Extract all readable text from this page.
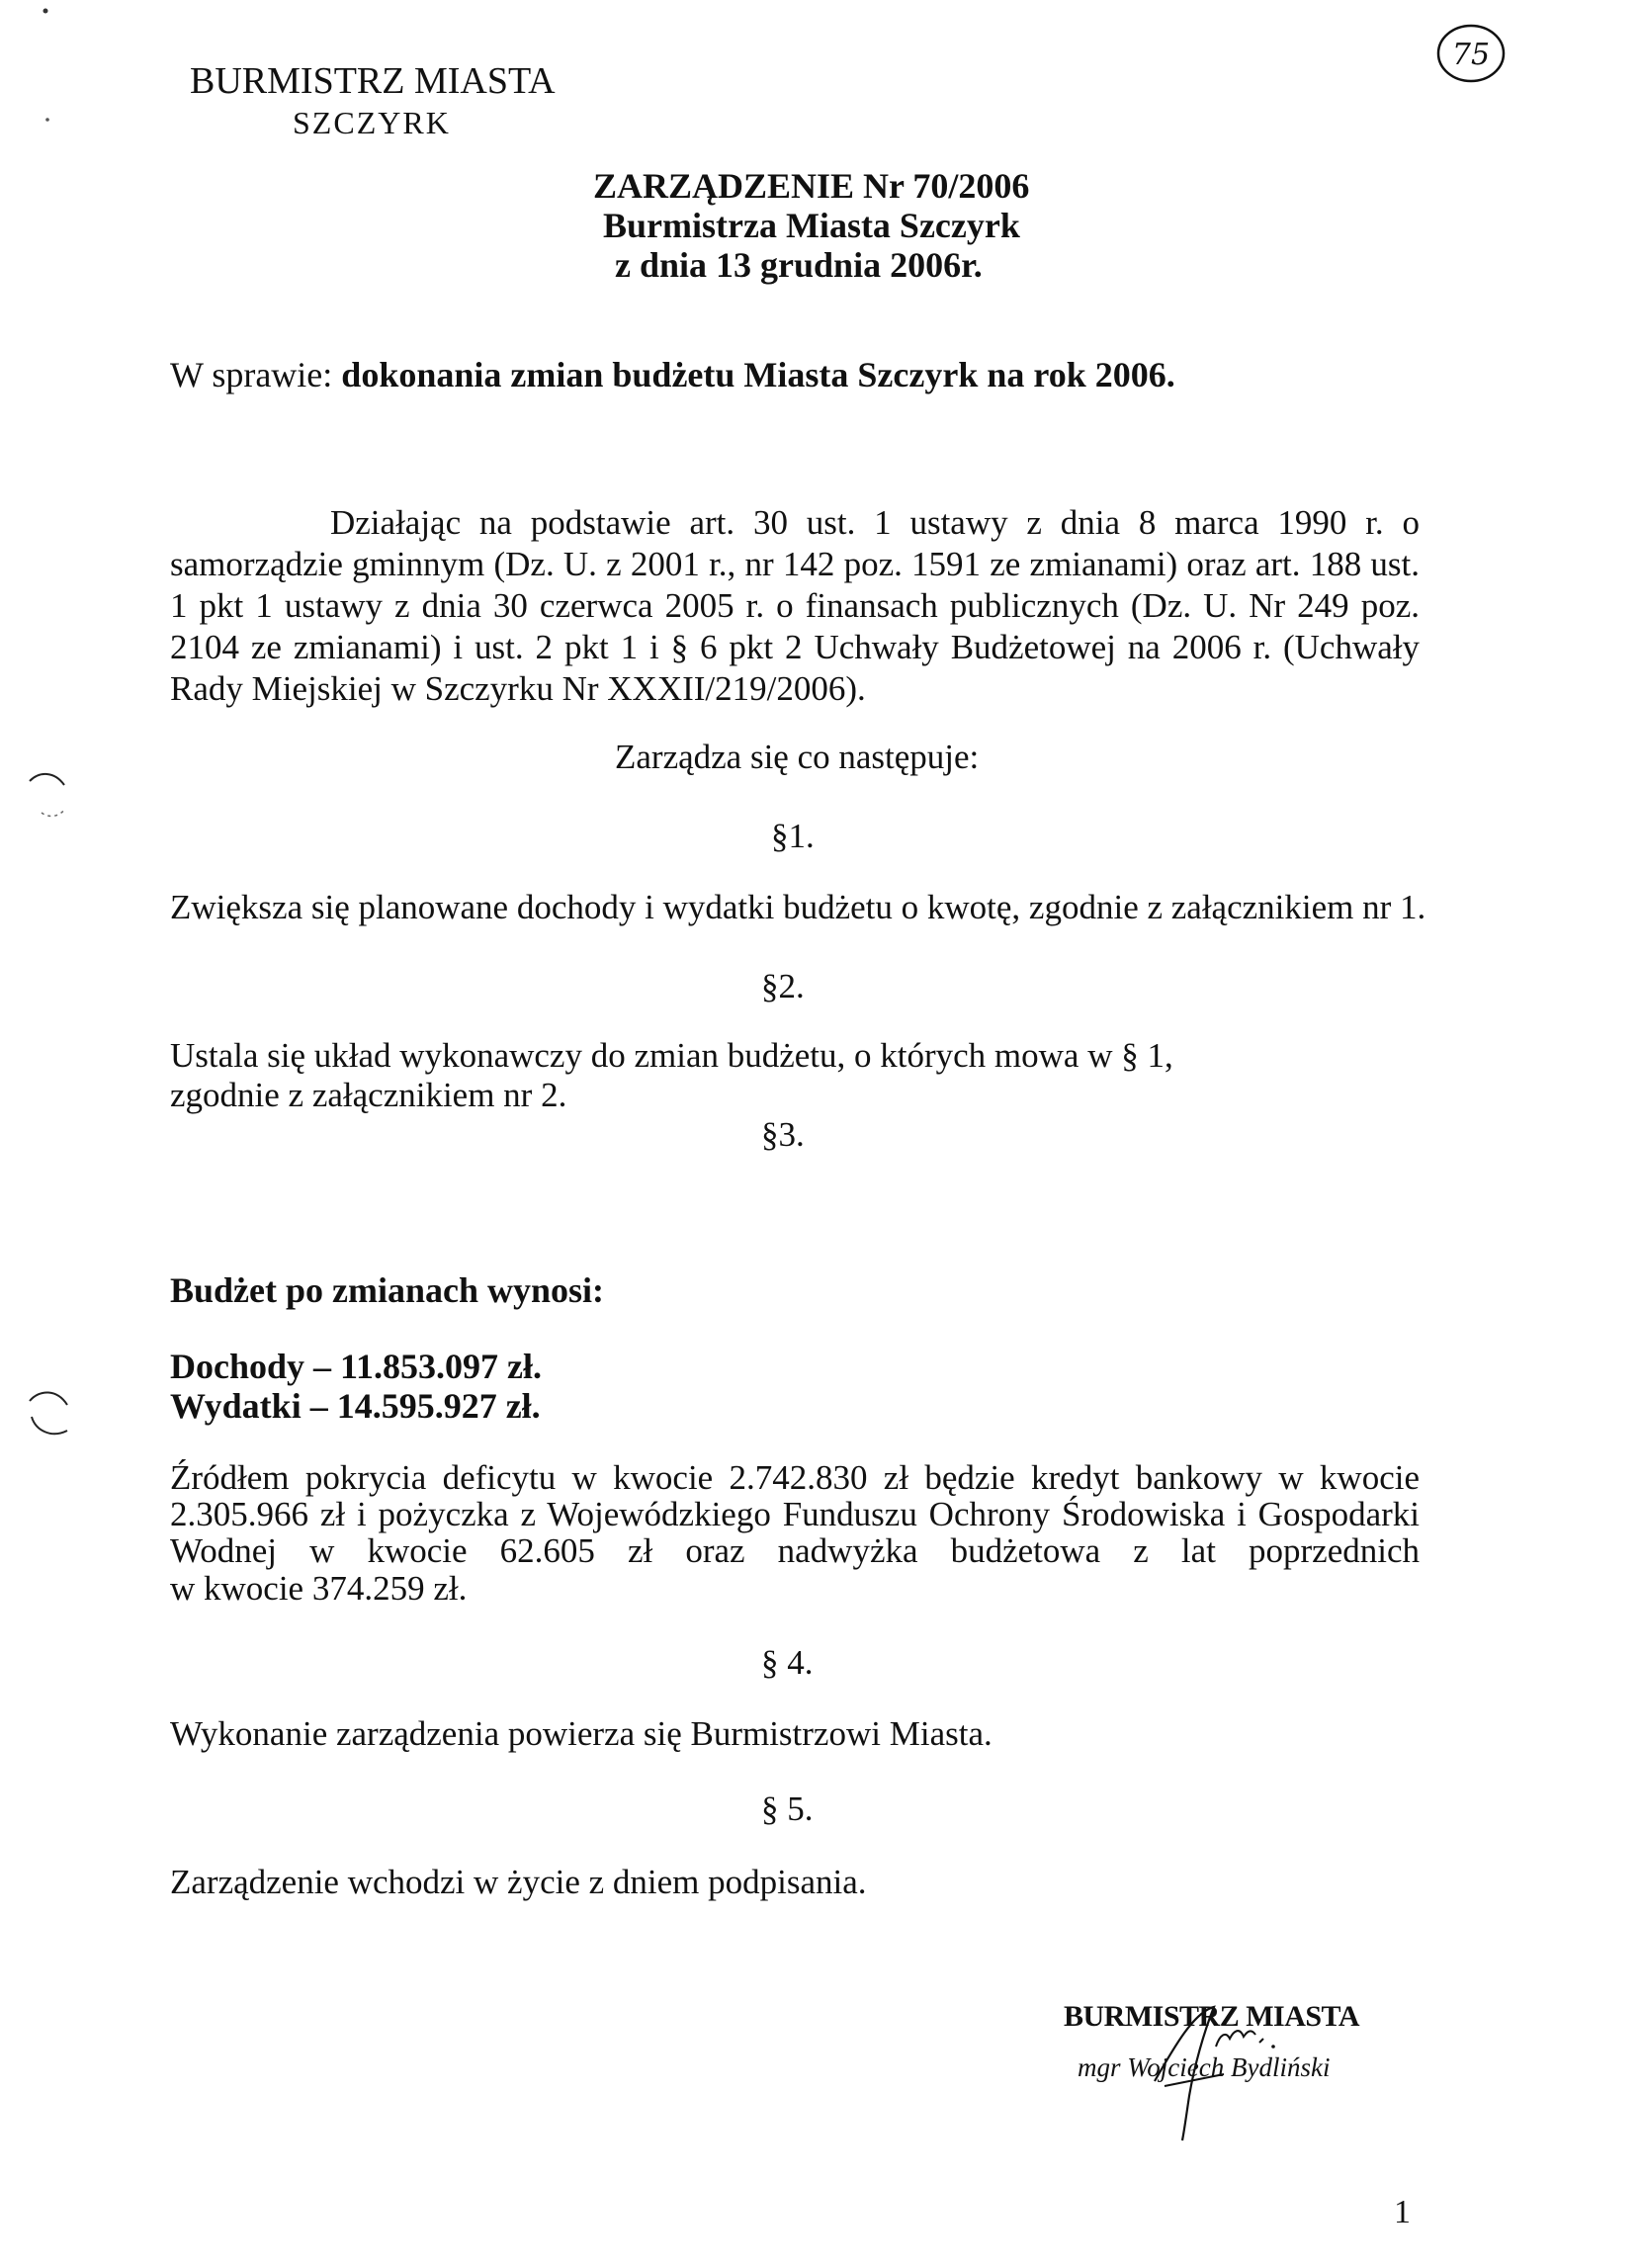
BURMISTRZ MIASTA
SZCZYRK
75
ZARZĄDZENIE Nr 70/2006
Burmistrza Miasta Szczyrk
z dnia 13 grudnia 2006r.
W sprawie: dokonania zmian budżetu Miasta Szczyrk na rok 2006.
Działając na podstawie art. 30 ust. 1 ustawy z dnia 8 marca 1990 r. o samorządzie gminnym (Dz. U. z 2001 r., nr 142 poz. 1591 ze zmianami) oraz art. 188 ust. 1 pkt 1 ustawy z dnia 30 czerwca 2005 r. o finansach publicznych (Dz. U. Nr 249 poz. 2104 ze zmianami) i ust. 2 pkt 1 i § 6 pkt 2 Uchwały Budżetowej na 2006 r. (Uchwały Rady Miejskiej w Szczyrku Nr XXXII/219/2006).
Zarządza się co następuje:
§1.
Zwiększa się planowane dochody i wydatki budżetu o kwotę, zgodnie z załącznikiem nr 1.
§2.
Ustala się układ wykonawczy do zmian budżetu, o których mowa w § 1, zgodnie z załącznikiem nr 2.
§3.
Budżet po zmianach wynosi:
Dochody – 11.853.097 zł.
Wydatki – 14.595.927 zł.
Źródłem pokrycia deficytu w kwocie 2.742.830 zł będzie kredyt bankowy w kwocie 2.305.966 zł i pożyczka z Wojewódzkiego Funduszu Ochrony Środowiska i Gospodarki Wodnej w kwocie 62.605 zł oraz nadwyżka budżetowa z lat poprzednich
w kwocie 374.259 zł.
§ 4.
Wykonanie zarządzenia powierza się Burmistrzowi Miasta.
§ 5.
Zarządzenie wchodzi w życie z dniem podpisania.
BURMISTRZ MIASTA
mgr Wojciech Bydliński
1
